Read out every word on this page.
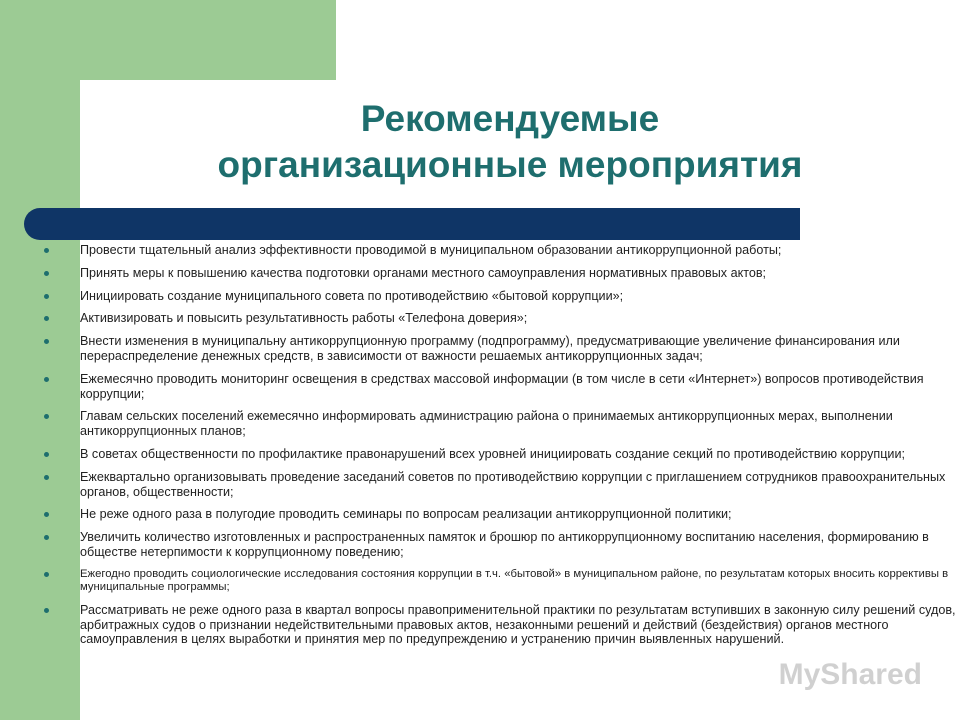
Рекомендуемые
организационные мероприятия
Провести тщательный анализ эффективности проводимой в муниципальном образовании антикоррупционной работы;
Принять меры к повышению качества подготовки органами местного самоуправления нормативных правовых актов;
Инициировать создание муниципального совета по противодействию «бытовой коррупции»;
Активизировать и повысить результативность работы «Телефона доверия»;
Внести изменения в муниципальну антикоррупционную программу (подпрограмму), предусматривающие увеличение финансирования или перераспределение денежных средств, в зависимости от важности решаемых антикоррупционных задач;
Ежемесячно проводить мониторинг освещения в средствах массовой информации (в том числе в сети «Интернет») вопросов противодействия коррупции;
Главам сельских поселений ежемесячно информировать администрацию района о принимаемых антикоррупционных мерах, выполнении антикоррупционных планов;
В советах общественности по профилактике правонарушений всех уровней инициировать создание секций по противодействию коррупции;
Ежеквартально организовывать проведение заседаний советов по противодействию коррупции с приглашением сотрудников правоохранительных органов, общественности;
Не реже одного раза в полугодие проводить семинары по вопросам реализации антикоррупционной политики;
Увеличить количество изготовленных и распространенных памяток и брошюр по антикоррупционному воспитанию населения, формированию в обществе нетерпимости к коррупционному поведению;
Ежегодно проводить социологические исследования состояния коррупции в т.ч. «бытовой» в муниципальном районе, по результатам которых вносить коррективы в муниципальные программы;
Рассматривать не реже одного раза в квартал вопросы правоприменительной практики по результатам вступивших в законную силу решений судов, арбитражных судов о признании недействительными правовых актов, незаконными решений и действий (бездействия) органов местного самоуправления в целях выработки и принятия мер по предупреждению и устранению причин выявленных нарушений.
MyShared
